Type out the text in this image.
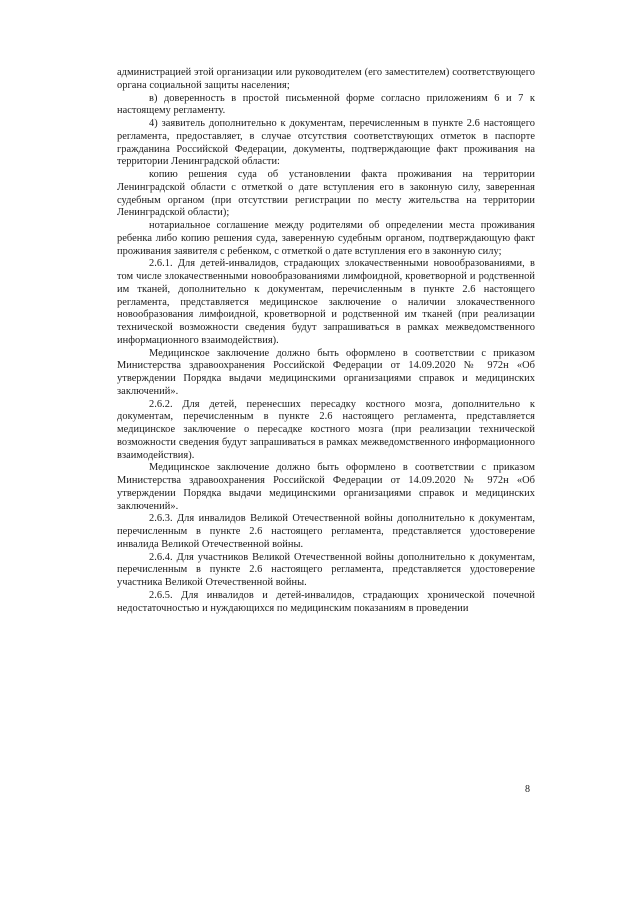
администрацией этой организации или руководителем (его заместителем) соответствующего органа социальной защиты населения;

в) доверенность в простой письменной форме согласно приложениям 6 и 7 к настоящему регламенту.

4) заявитель дополнительно к документам, перечисленным в пункте 2.6 настоящего регламента, предоставляет, в случае отсутствия соответствующих отметок в паспорте гражданина Российской Федерации, документы, подтверждающие факт проживания на территории Ленинградской области:

копию решения суда об установлении факта проживания на территории Ленинградской области с отметкой о дате вступления его в законную силу, заверенная судебным органом (при отсутствии регистрации по месту жительства на территории Ленинградской области);

нотариальное соглашение между родителями об определении места проживания ребенка либо копию решения суда, заверенную судебным органом, подтверждающую факт проживания заявителя с ребенком, с отметкой о дате вступления его в законную силу;

2.6.1. Для детей-инвалидов, страдающих злокачественными новообразованиями, в том числе злокачественными новообразованиями лимфоидной, кроветворной и родственной им тканей, дополнительно к документам, перечисленным в пункте 2.6 настоящего регламента, представляется медицинское заключение о наличии злокачественного новообразования лимфоидной, кроветворной и родственной им тканей (при реализации технической возможности сведения будут запрашиваться в рамках межведомственного информационного взаимодействия).

Медицинское заключение должно быть оформлено в соответствии с приказом Министерства здравоохранения Российской Федерации от 14.09.2020 № 972н «Об утверждении Порядка выдачи медицинскими организациями справок и медицинских заключений».

2.6.2. Для детей, перенесших пересадку костного мозга, дополнительно к документам, перечисленным в пункте 2.6 настоящего регламента, представляется медицинское заключение о пересадке костного мозга (при реализации технической возможности сведения будут запрашиваться в рамках межведомственного информационного взаимодействия).

Медицинское заключение должно быть оформлено в соответствии с приказом Министерства здравоохранения Российской Федерации от 14.09.2020 № 972н «Об утверждении Порядка выдачи медицинскими организациями справок и медицинских заключений».

2.6.3. Для инвалидов Великой Отечественной войны дополнительно к документам, перечисленным в пункте 2.6 настоящего регламента, представляется удостоверение инвалида Великой Отечественной войны.

2.6.4. Для участников Великой Отечественной войны дополнительно к документам, перечисленным в пункте 2.6 настоящего регламента, представляется удостоверение участника Великой Отечественной войны.

2.6.5. Для инвалидов и детей-инвалидов, страдающих хронической почечной недостаточностью и нуждающихся по медицинским показаниям в проведении

8
